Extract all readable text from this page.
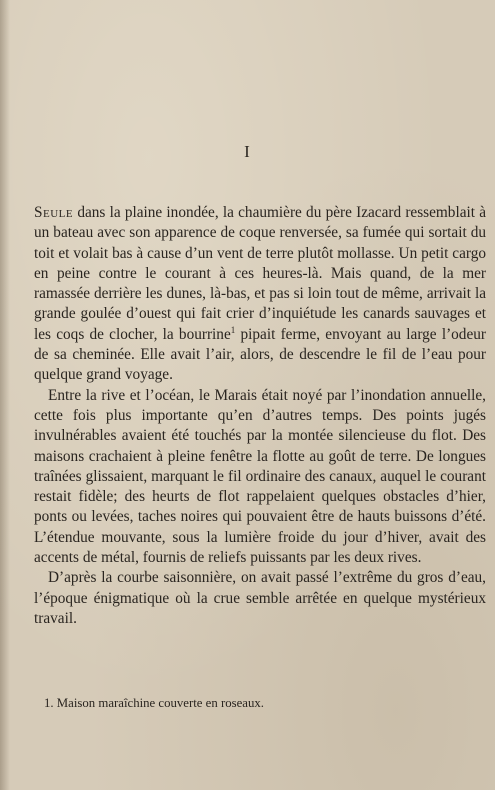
I

Seule dans la plaine inondée, la chaumière du père Izacard ressemblait à un bateau avec son apparence de coque renversée, sa fumée qui sortait du toit et volait bas à cause d’un vent de terre plutôt mollasse. Un petit cargo en peine contre le courant à ces heures-là. Mais quand, de la mer ramassée derrière les dunes, là-bas, et pas si loin tout de même, arrivait la grande goulée d’ouest qui fait crier d’inquiétude les canards sauvages et les coqs de clocher, la bourrine$^1$ pipait ferme, envoyant au large l’odeur de sa cheminée. Elle avait l’air, alors, de descendre le fil de l’eau pour quelque grand voyage.

Entre la rive et l’océan, le Marais était noyé par l’inondation annuelle, cette fois plus importante qu’en d’autres temps. Des points jugés invulnérables avaient été touchés par la montée silencieuse du flot. Des maisons crachaient à pleine fenêtre la flotte au goût de terre. De longues traînées glissaient, marquant le fil ordinaire des canaux, auquel le courant restait fidèle; des heurts de flot rappelaient quelques obstacles d’hier, ponts ou levées, taches noires qui pouvaient être de hauts buissons d’été. L’étendue mouvante, sous la lumière froide du jour d’hiver, avait des accents de métal, fournis de reliefs puissants par les deux rives.

D’après la courbe saisonnière, on avait passé l’extrême du gros d’eau, l’époque énigmatique où la crue semble arrêtée en quelque mystérieux travail.

1. Maison maraîchine couverte en roseaux.
